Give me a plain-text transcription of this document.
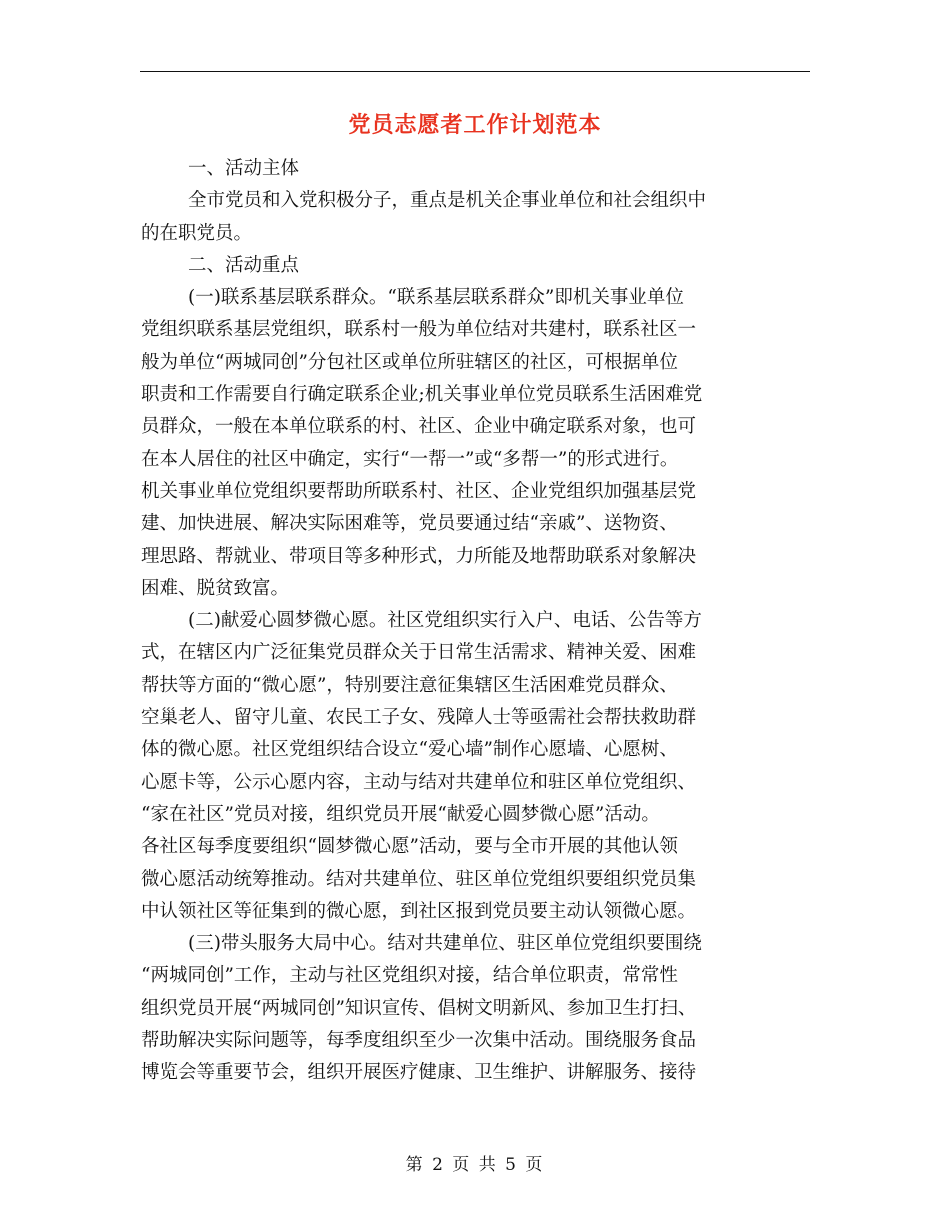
党员志愿者工作计划范本
一、活动主体
全市党员和入党积极分子，重点是机关企事业单位和社会组织中
的在职党员。
二、活动重点
(一)联系基层联系群众。“联系基层联系群众”即机关事业单位
党组织联系基层党组织，联系村一般为单位结对共建村，联系社区一
般为单位“两城同创”分包社区或单位所驻辖区的社区，可根据单位
职责和工作需要自行确定联系企业;机关事业单位党员联系生活困难党
员群众，一般在本单位联系的村、社区、企业中确定联系对象，也可
在本人居住的社区中确定，实行“一帮一”或“多帮一”的形式进行。
机关事业单位党组织要帮助所联系村、社区、企业党组织加强基层党
建、加快进展、解决实际困难等，党员要通过结“亲戚”、送物资、
理思路、帮就业、带项目等多种形式，力所能及地帮助联系对象解决
困难、脱贫致富。
(二)献爱心圆梦微心愿。社区党组织实行入户、电话、公告等方
式，在辖区内广泛征集党员群众关于日常生活需求、精神关爱、困难
帮扶等方面的“微心愿”，特别要注意征集辖区生活困难党员群众、
空巢老人、留守儿童、农民工子女、残障人士等亟需社会帮扶救助群
体的微心愿。社区党组织结合设立“爱心墙”制作心愿墙、心愿树、
心愿卡等，公示心愿内容，主动与结对共建单位和驻区单位党组织、
“家在社区”党员对接，组织党员开展“献爱心圆梦微心愿”活动。
各社区每季度要组织“圆梦微心愿”活动，要与全市开展的其他认领
微心愿活动统筹推动。结对共建单位、驻区单位党组织要组织党员集
中认领社区等征集到的微心愿，到社区报到党员要主动认领微心愿。
(三)带头服务大局中心。结对共建单位、驻区单位党组织要围绕
“两城同创”工作，主动与社区党组织对接，结合单位职责，常常性
组织党员开展“两城同创”知识宣传、倡树文明新风、参加卫生打扫、
帮助解决实际问题等，每季度组织至少一次集中活动。围绕服务食品
博览会等重要节会，组织开展医疗健康、卫生维护、讲解服务、接待
第 2 页 共 5 页
